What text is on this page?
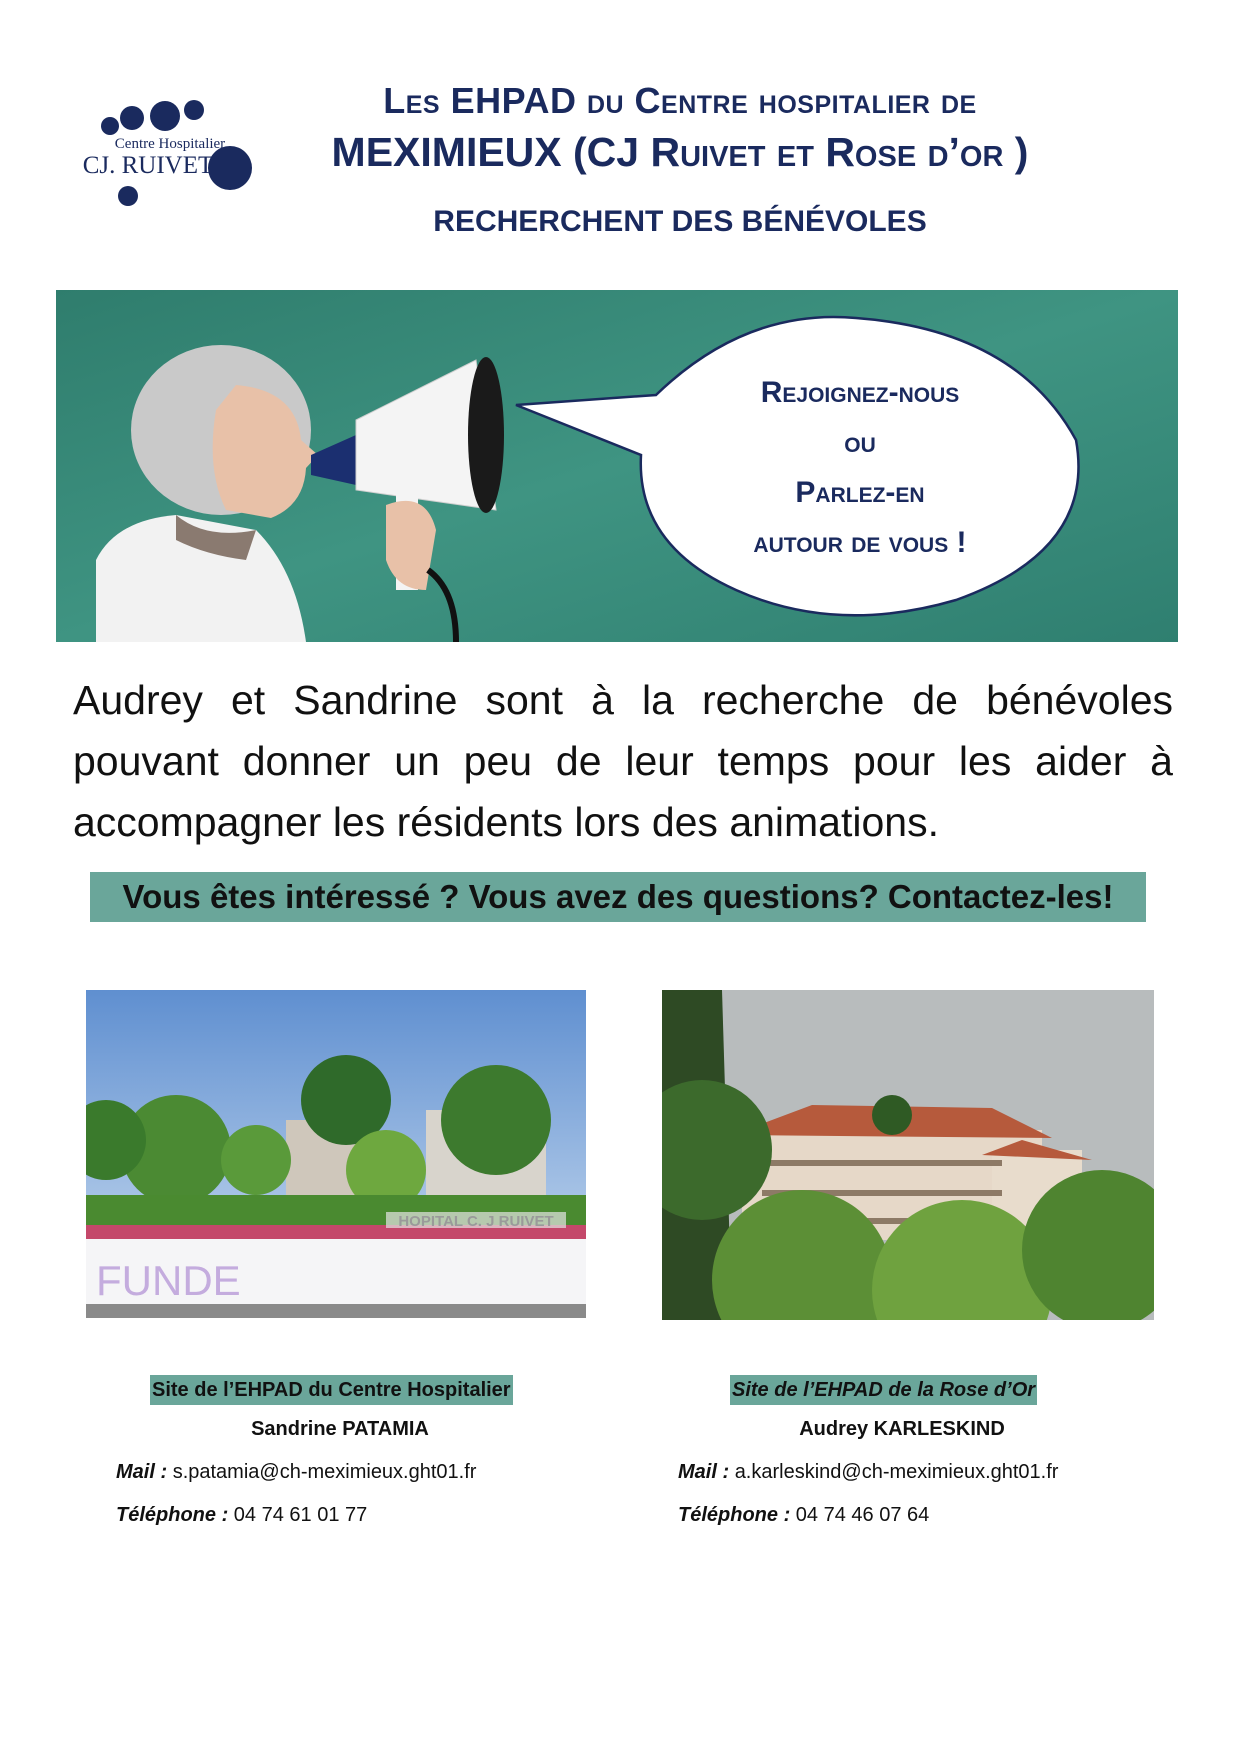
Centre Hospitalier
CJ. RUIVET
Les EHPAD du Centre hospitalier de
MEXIMIEUX (CJ Ruivet et Rose d’or )
RECHERCHENT DES BÉNÉVOLES
Rejoignez-nous
ou
Parlez-en
autour de vous !
Audrey et Sandrine sont à la recherche de bénévoles pouvant donner un peu de leur temps pour les aider à accompagner les résidents lors des animations.
Vous êtes intéressé ? Vous avez des questions? Contactez-les!
HOPITAL C. J RUIVET
FUNDE
Site de l’EHPAD du Centre Hospitalier
Sandrine PATAMIA
Mail : s.patamia@ch-meximieux.ght01.fr
Téléphone : 04 74 61 01 77
Site de l’EHPAD de la Rose d’Or
Audrey KARLESKIND
Mail : a.karleskind@ch-meximieux.ght01.fr
Téléphone : 04 74 46 07 64
